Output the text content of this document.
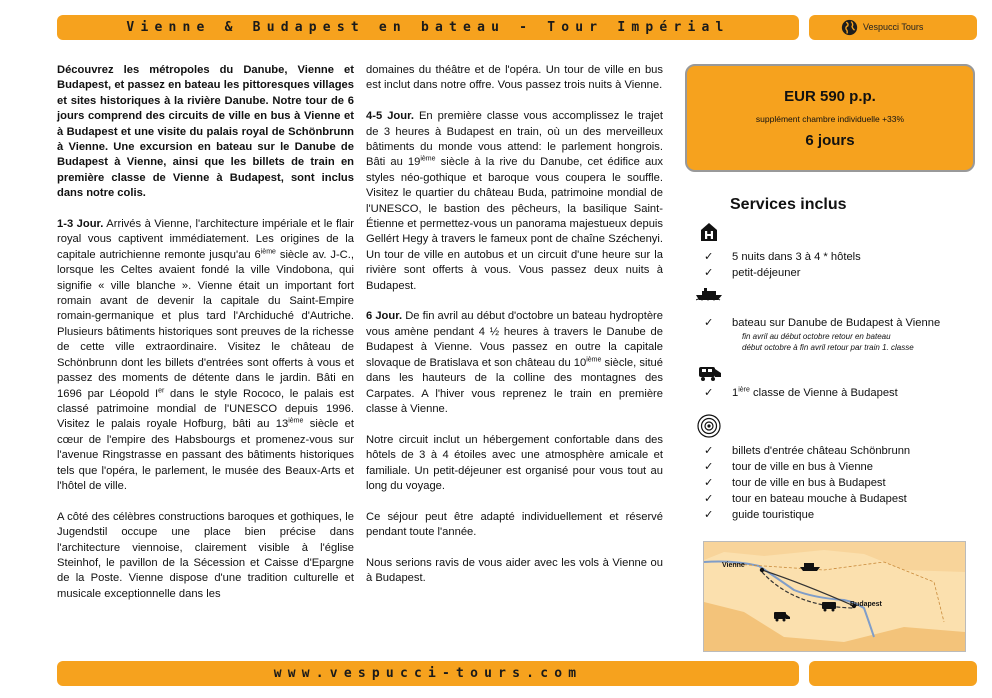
Vienne & Budapest en bateau - Tour Impérial	Vespucci Tours

Découvrez les métropoles du Danube, Vienne et Budapest, et passez en bateau les pittoresques villages et sites historiques à la rivière Danube. Notre tour de 6 jours comprend des circuits de ville en bus à Vienne et à Budapest et une visite du palais royal de Schönbrunn à Vienne. Une excursion en bateau sur le Danube de Budapest à Vienne, ainsi que les billets de train en première classe de Vienne à Budapest, sont inclus dans notre colis.

1-3 Jour. Arrivés à Vienne, l'architecture impériale et le flair royal vous captivent immédiatement. Les origines de la capitale autrichienne remonte jusqu'au 6ième siècle av. J-C., lorsque les Celtes avaient fondé la ville Vindobona, qui signifie « ville blanche ». Vienne était un important fort romain avant de devenir la capitale du Saint-Empire romain-germanique et plus tard l'Archiduché d'Autriche. Plusieurs bâtiments historiques sont preuves de la richesse de cette ville extraordinaire. Visitez le château de Schönbrunn dont les billets d'entrées sont offerts à vous et passez des moments de détente dans le jardin. Bâti en 1696 par Léopold Ier dans le style Rococo, le palais est classé patrimoine mondial de l'UNESCO depuis 1996. Visitez le palais royale Hofburg, bâti au 13ième siècle et cœur de l'empire des Habsbourgs et promenez-vous sur l'avenue Ringstrasse en passant des bâtiments historiques tels que l'opéra, le parlement, le musée des Beaux-Arts et l'hôtel de ville.

A côté des célèbres constructions baroques et gothiques, le Jugendstil occupe une place bien précise dans l'architecture viennoise, clairement visible à l'église Steinhof, le pavillon de la Sécession et Caisse d'Epargne de la Poste. Vienne dispose d'une tradition culturelle et musicale exceptionnelle dans les

domaines du théâtre et de l'opéra. Un tour de ville en bus est inclut dans notre offre. Vous passez trois nuits à Vienne.

4-5 Jour. En première classe vous accomplissez le trajet de 3 heures à Budapest en train, où un des merveilleux bâtiments du monde vous attend: le parlement hongrois. Bâti au 19ième siècle à la rive du Danube, cet édifice aux styles néo-gothique et baroque vous coupera le souffle. Visitez le quartier du château Buda, patrimoine mondial de l'UNESCO, le bastion des pêcheurs, la basilique Saint-Étienne et permettez-vous un panorama majestueux depuis Gellért Hegy à travers le fameux pont de chaîne Széchenyi. Un tour de ville en autobus et un circuit d'une heure sur la rivière sont offerts à vous. Vous passez deux nuits à Budapest.

6 Jour. De fin avril au début d'octobre un bateau hydroptère vous amène pendant 4 ½ heures à travers le Danube de Budapest à Vienne. Vous passez en outre la capitale slovaque de Bratislava et son château du 10ième siècle, situé dans les hauteurs de la colline des montagnes des Carpates. A l'hiver vous reprenez le train en première classe à Vienne.

Notre circuit inclut un hébergement confortable dans des hôtels de 3 à 4 étoiles avec une atmosphère amicale et familiale. Un petit-déjeuner est organisé pour vous tout au long du voyage.

Ce séjour peut être adapté individuellement et réservé pendant toute l'année.

Nous serions ravis de vous aider avec les vols à Vienne ou à Budapest.

EUR 590 p.p.
supplément chambre individuelle +33%
6 jours
Services inclus
✓ 5 nuits dans 3 à 4 * hôtels
✓ petit-déjeuner
✓ bateau sur Danube de Budapest à Vienne
fin avril au début octobre retour en bateau
début octobre à fin avril retour par train 1. classe
✓ $1^{ière}$ classe de Vienne à Budapest
✓ billets d'entrée château Schönbrunn
✓ tour de ville en bus à Vienne
✓ tour de ville en bus à Budapest
✓ tour en bateau mouche à Budapest
✓ guide touristique
Vienne
Budapest
www.vespucci-tours.com
